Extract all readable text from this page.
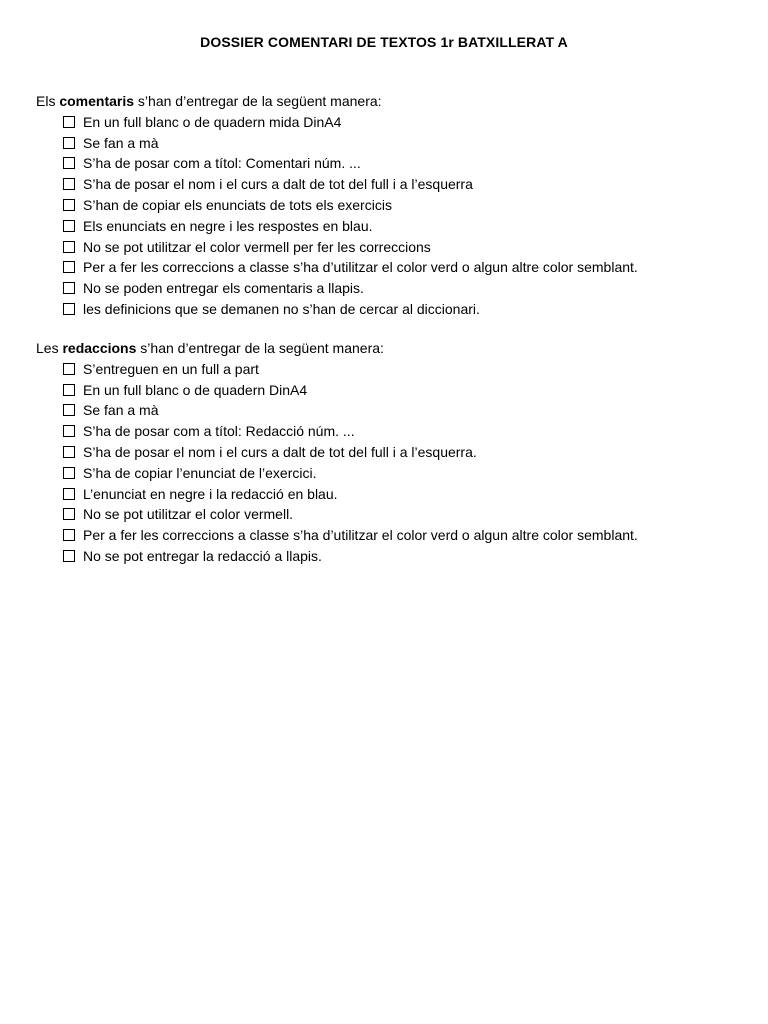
DOSSIER COMENTARI DE TEXTOS 1r BATXILLERAT A
Els comentaris s’han d’entregar de la següent manera:
En un full blanc o de quadern mida DinA4
Se fan a mà
S’ha de posar com a títol: Comentari núm. ...
S’ha de posar el nom i el curs a dalt de tot del full i a l’esquerra
S’han de copiar els enunciats de tots els exercicis
Els enunciats en negre i les respostes en blau.
No se pot utilitzar el color vermell per fer les correccions
Per a fer les correccions a classe s’ha d’utilitzar el color verd o algun altre color semblant.
No se poden entregar els comentaris a llapis.
les definicions que se demanen no s’han de cercar al diccionari.
Les redaccions s’han d’entregar de la següent manera:
S’entreguen en un full a part
En un full blanc o de quadern DinA4
Se fan a mà
S’ha de posar com a títol: Redacció núm. ...
S’ha de posar el nom i el curs a dalt de tot del full i a l’esquerra.
S’ha de copiar l’enunciat de l’exercici.
L’enunciat en negre i la redacció en blau.
No se pot utilitzar el color vermell.
Per a fer les correccions a classe s’ha d’utilitzar el color verd o algun altre color semblant.
No se pot entregar la redacció a llapis.
